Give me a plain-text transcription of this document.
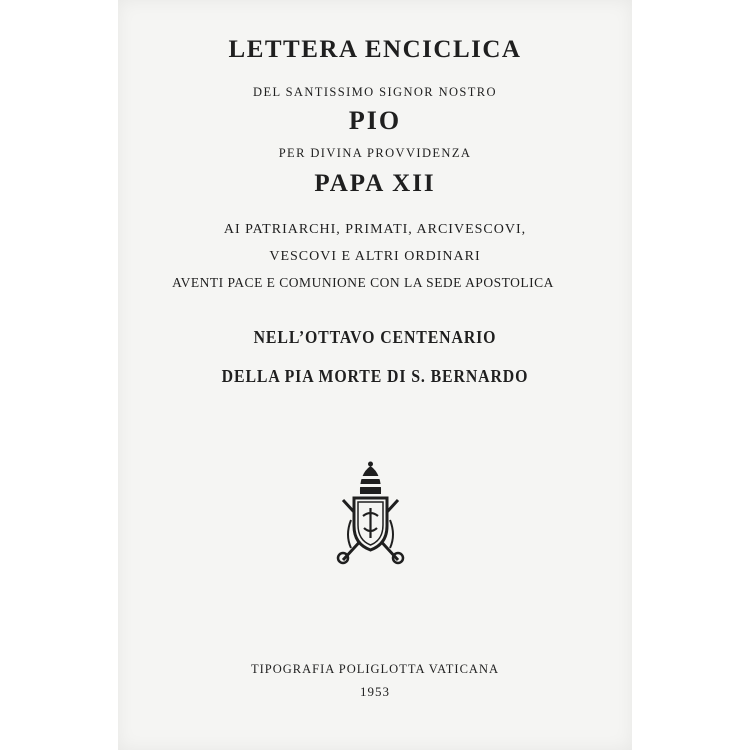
LETTERA ENCICLICA
DEL SANTISSIMO SIGNOR NOSTRO
PIO
PER DIVINA PROVVIDENZA
PAPA XII
AI PATRIARCHI, PRIMATI, ARCIVESCOVI,
VESCOVI E ALTRI ORDINARI
AVENTI PACE E COMUNIONE CON LA SEDE APOSTOLICA
NELL’OTTAVO CENTENARIO
DELLA PIA MORTE DI S. BERNARDO
TIPOGRAFIA POLIGLOTTA VATICANA
1953
